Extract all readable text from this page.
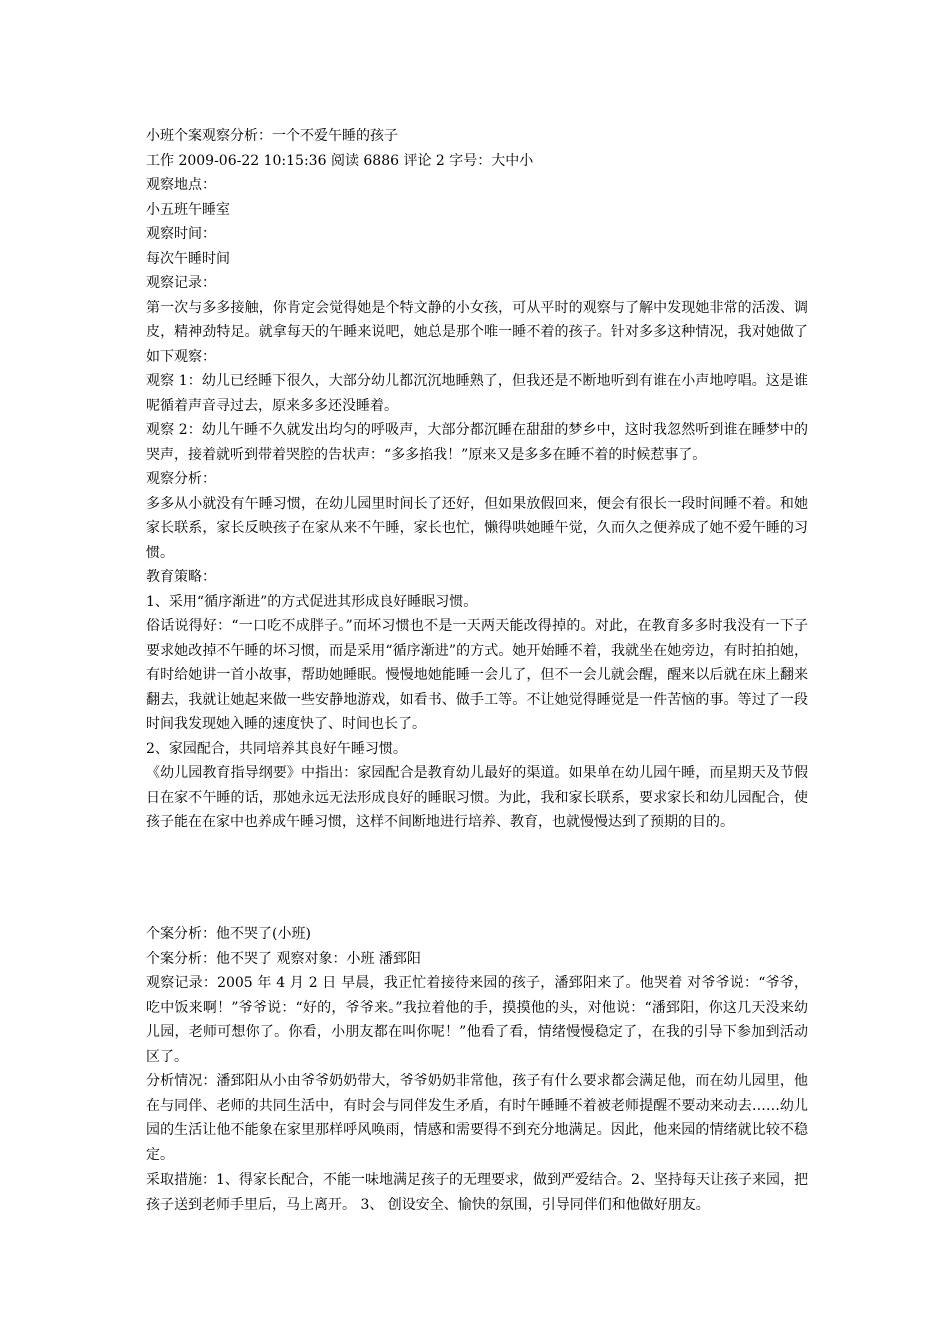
小班个案观察分析：一个不爱午睡的孩子

工作 2009-06-22 10:15:36 阅读 6886 评论 2 字号：大中小

观察地点：

小五班午睡室

观察时间：

每次午睡时间

观察记录：

第一次与多多接触，你肯定会觉得她是个特文静的小女孩，可从平时的观察与了解中发现她非常的活泼、调皮，精神劲特足。就拿每天的午睡来说吧，她总是那个唯一睡不着的孩子。针对多多这种情况，我对她做了如下观察：

观察 1：幼儿已经睡下很久，大部分幼儿都沉沉地睡熟了，但我还是不断地听到有谁在小声地哼唱。这是谁呢循着声音寻过去，原来多多还没睡着。

观察 2：幼儿午睡不久就发出均匀的呼吸声，大部分都沉睡在甜甜的梦乡中，这时我忽然听到谁在睡梦中的哭声，接着就听到带着哭腔的告状声：“多多掐我！”原来又是多多在睡不着的时候惹事了。

观察分析：

多多从小就没有午睡习惯，在幼儿园里时间长了还好，但如果放假回来，便会有很长一段时间睡不着。和她家长联系，家长反映孩子在家从来不午睡，家长也忙，懒得哄她睡午觉，久而久之便养成了她不爱午睡的习惯。

教育策略：

1、采用“循序渐进”的方式促进其形成良好睡眠习惯。

俗话说得好：“一口吃不成胖子。”而坏习惯也不是一天两天能改得掉的。对此，在教育多多时我没有一下子要求她改掉不午睡的坏习惯，而是采用“循序渐进”的方式。她开始睡不着，我就坐在她旁边，有时拍拍她，有时给她讲一首小故事，帮助她睡眠。慢慢地她能睡一会儿了，但不一会儿就会醒，醒来以后就在床上翻来翻去，我就让她起来做一些安静地游戏，如看书、做手工等。不让她觉得睡觉是一件苦恼的事。等过了一段时间我发现她入睡的速度快了、时间也长了。

2、家园配合，共同培养其良好午睡习惯。

《幼儿园教育指导纲要》中指出：家园配合是教育幼儿最好的渠道。如果单在幼儿园午睡，而星期天及节假日在家不午睡的话，那她永远无法形成良好的睡眠习惯。为此，我和家长联系，要求家长和幼儿园配合，使孩子能在在家中也养成午睡习惯，这样不间断地进行培养、教育，也就慢慢达到了预期的目的。

个案分析：他不哭了(小班)

个案分析：他不哭了 观察对象：小班 潘郅阳

观察记录：2005 年 4 月 2 日 早晨，我正忙着接待来园的孩子，潘郅阳来了。他哭着 对爷爷说：“爷爷，吃中饭来啊！”爷爷说：“好的，爷爷来。”我拉着他的手，摸摸他的头，对他说：“潘郅阳，你这几天没来幼儿园，老师可想你了。你看，小朋友都在叫你呢！”他看了看，情绪慢慢稳定了，在我的引导下参加到活动区了。

分析情况：潘郅阳从小由爷爷奶奶带大，爷爷奶奶非常他，孩子有什么要求都会满足他，而在幼儿园里，他在与同伴、老师的共同生活中，有时会与同伴发生矛盾，有时午睡睡不着被老师提醒不要动来动去……幼儿园的生活让他不能象在家里那样呼风唤雨，情感和需要得不到充分地满足。因此，他来园的情绪就比较不稳定。

采取措施：1、得家长配合，不能一味地满足孩子的无理要求，做到严爱结合。2、坚持每天让孩子来园，把孩子送到老师手里后，马上离开。 3、 创设安全、愉快的氛围，引导同伴们和他做好朋友。
